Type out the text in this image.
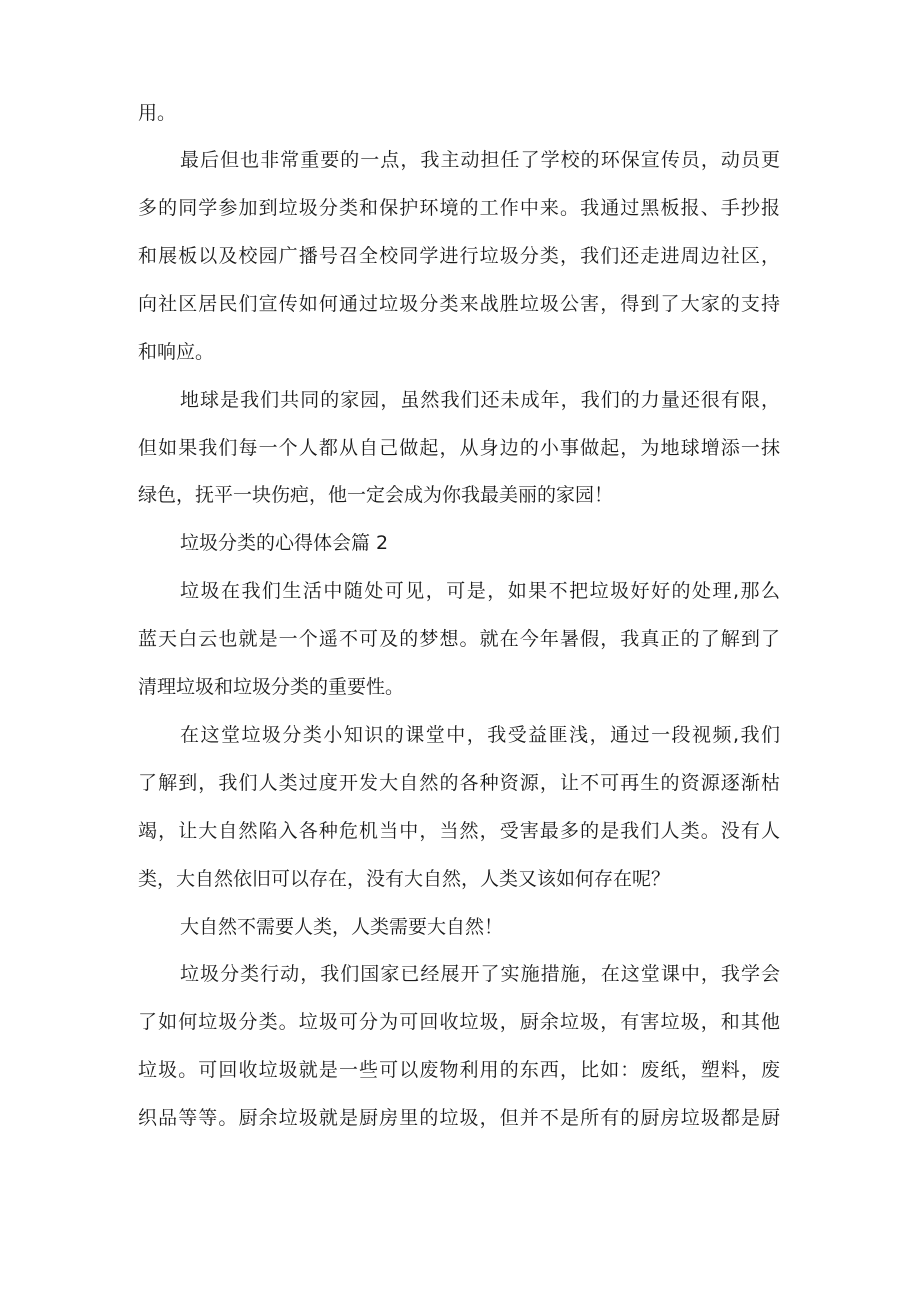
用。
最后但也非常重要的一点，我主动担任了学校的环保宣传员，动员更
多的同学参加到垃圾分类和保护环境的工作中来。我通过黑板报、手抄报
和展板以及校园广播号召全校同学进行垃圾分类，我们还走进周边社区，
向社区居民们宣传如何通过垃圾分类来战胜垃圾公害，得到了大家的支持
和响应。
地球是我们共同的家园，虽然我们还未成年，我们的力量还很有限，
但如果我们每一个人都从自己做起，从身边的小事做起，为地球增添一抹
绿色，抚平一块伤疤，他一定会成为你我最美丽的家园！
垃圾分类的心得体会篇 2
垃圾在我们生活中随处可见，可是，如果不把垃圾好好的处理,那么
蓝天白云也就是一个遥不可及的梦想。就在今年暑假，我真正的了解到了
清理垃圾和垃圾分类的重要性。
在这堂垃圾分类小知识的课堂中，我受益匪浅，通过一段视频,我们
了解到，我们人类过度开发大自然的各种资源，让不可再生的资源逐渐枯
竭，让大自然陷入各种危机当中，当然，受害最多的是我们人类。没有人
类，大自然依旧可以存在，没有大自然，人类又该如何存在呢？
大自然不需要人类，人类需要大自然！
垃圾分类行动，我们国家已经展开了实施措施，在这堂课中，我学会
了如何垃圾分类。垃圾可分为可回收垃圾，厨余垃圾，有害垃圾，和其他
垃圾。可回收垃圾就是一些可以废物利用的东西，比如：废纸，塑料，废
织品等等。厨余垃圾就是厨房里的垃圾，但并不是所有的厨房垃圾都是厨
